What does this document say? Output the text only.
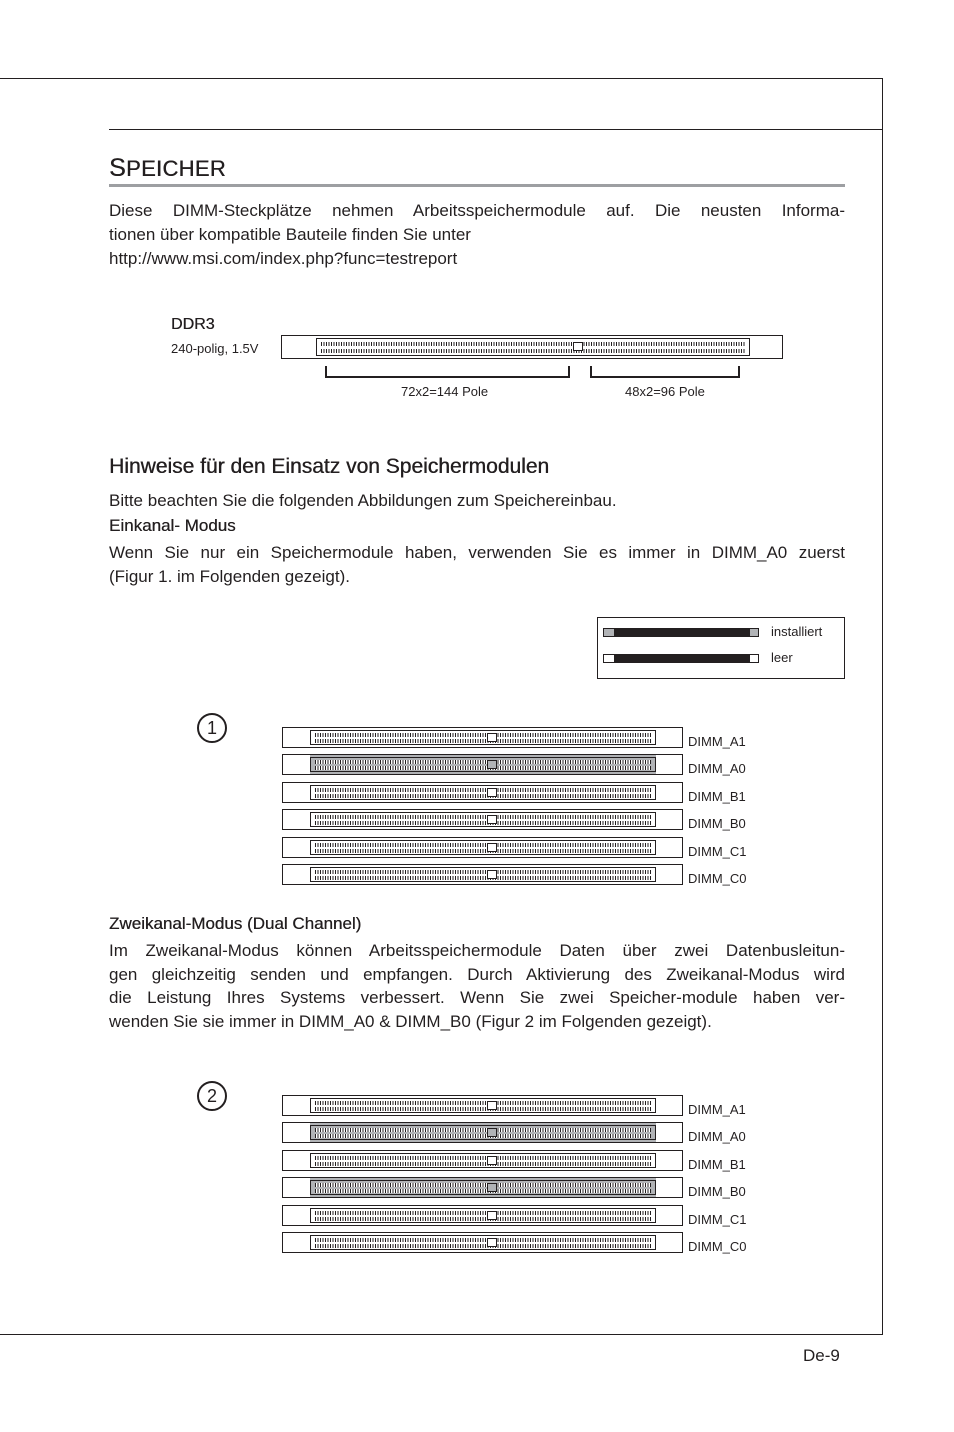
SPEICHER
Diese DIMM-Steckplätze nehmen Arbeitsspeichermodule auf. Die neusten Informa-
tionen über kompatible Bauteile finden Sie unter
http://www.msi.com/index.php?func=testreport
DDR3
240-polig, 1.5V
72x2=144 Pole	48x2=96 Pole
Hinweise für den Einsatz von Speichermodulen
Bitte beachten Sie die folgenden Abbildungen zum Speichereinbau.
Einkanal- Modus
Wenn Sie nur ein Speichermodule haben, verwenden Sie es immer in DIMM_A0 zuerst
(Figur 1. im Folgenden gezeigt).
installiert
leer
1
DIMM_A1
DIMM_A0
DIMM_B1
DIMM_B0
DIMM_C1
DIMM_C0
Zweikanal-Modus (Dual Channel)
Im Zweikanal-Modus können Arbeitsspeichermodule Daten über zwei Datenbusleitun-
gen gleichzeitig senden und empfangen. Durch Aktivierung des Zweikanal-Modus wird
die Leistung Ihres Systems verbessert. Wenn Sie zwei Speicher-module haben ver-
wenden Sie sie immer in DIMM_A0 & DIMM_B0 (Figur 2 im Folgenden gezeigt).
2
DIMM_A1
DIMM_A0
DIMM_B1
DIMM_B0
DIMM_C1
DIMM_C0
De-9
